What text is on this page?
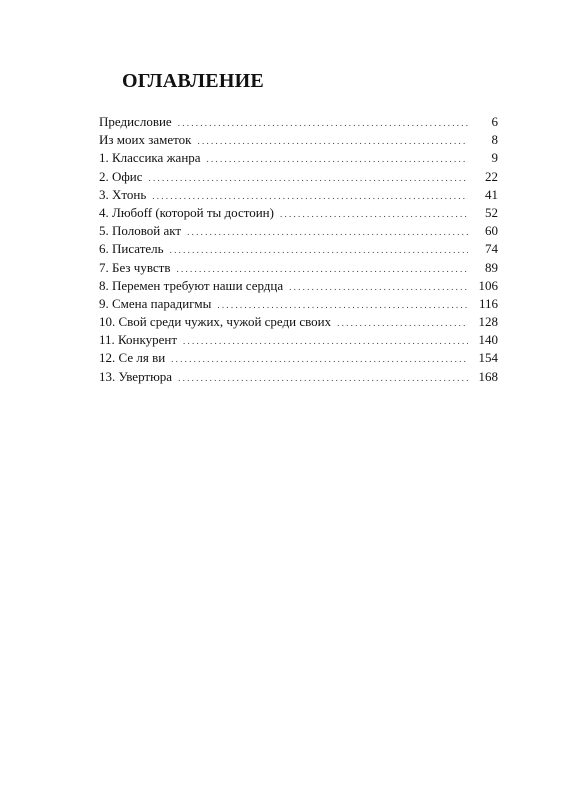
ОГЛАВЛЕНИЕ
Предисловие . . .	6
Из моих заметок . . .	8
1. Классика жанра . . .	9
2. Офис . . .	22
3. Хтонь . . .	41
4. Любоff (которой ты достоин) . . .	52
5. Половой акт . . .	60
6. Писатель . . .	74
7. Без чувств . . .	89
8. Перемен требуют наши сердца . . .	106
9. Смена парадигмы . . .	116
10. Свой среди чужих, чужой среди своих . . .	128
11. Конкурент . . .	140
12. Се ля ви . . .	154
13. Увертюра . . .	168
